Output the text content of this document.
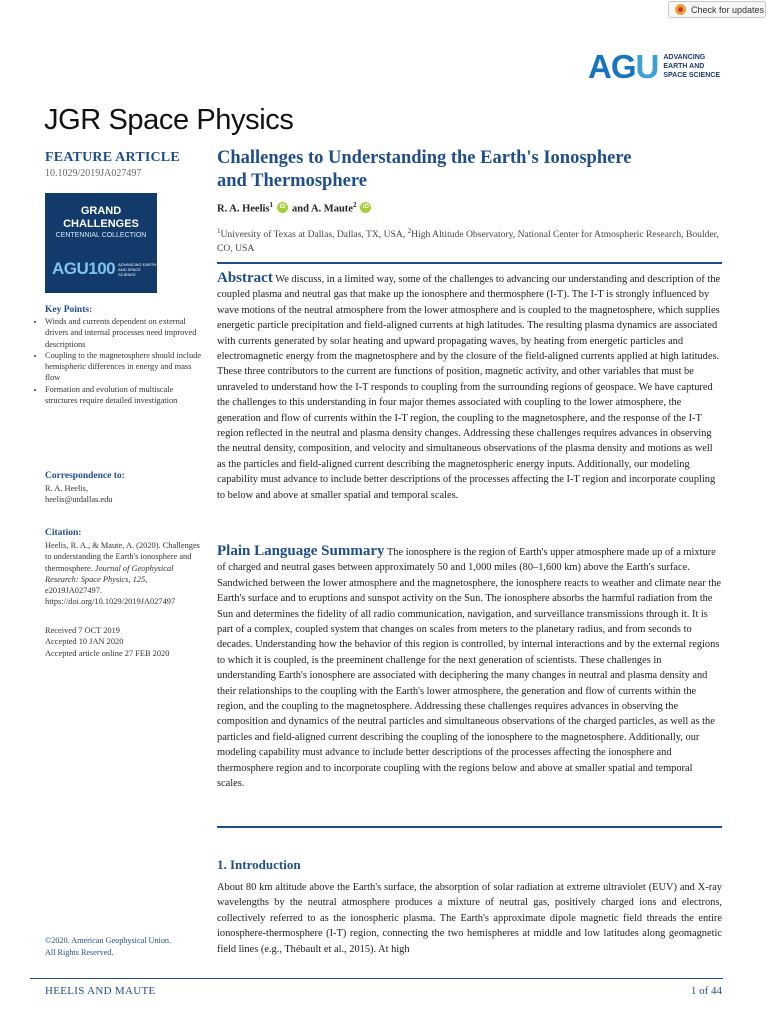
Check for updates
AGU ADVANCING
EARTH AND
SPACE SCIENCE
JGR Space Physics
FEATURE ARTICLE
10.1029/2019JA027497
GRAND
CHALLENGES
CENTENNIAL COLLECTION
AGU100 ADVANCING EARTH AND SPACE SCIENCE
Key Points:
• Winds and currents dependent on external drivers and internal processes need improved descriptions
• Coupling to the magnetosphere should include hemispheric differences in energy and mass flow
• Formation and evolution of multiscale structures require detailed investigation
Correspondence to:
R. A. Heelis,
heelis@utdallas.edu
Citation:
Heelis, R. A., & Maute, A. (2020). Challenges to understanding the Earth's ionosphere and thermosphere. Journal of Geophysical Research: Space Physics, 125, e2019JA027497. https://doi.org/10.1029/2019JA027497
Received 7 OCT 2019
Accepted 10 JAN 2020
Accepted article online 27 FEB 2020
©2020. American Geophysical Union.
All Rights Reserved.
Challenges to Understanding the Earth's Ionosphere
and Thermosphere
R. A. Heelis$^1$	iD and A. Maute$^2$	iD
$^1$University of Texas at Dallas, Dallas, TX, USA, $^2$High Altitude Observatory, National Center for Atmospheric Research, Boulder, CO, USA
Abstract We discuss, in a limited way, some of the challenges to advancing our understanding and description of the coupled plasma and neutral gas that make up the ionosphere and thermosphere (I-T). The I-T is strongly influenced by wave motions of the neutral atmosphere from the lower atmosphere and is coupled to the magnetosphere, which supplies energetic particle precipitation and field-aligned currents at high latitudes. The resulting plasma dynamics are associated with currents generated by solar heating and upward propagating waves, by heating from energetic particles and electromagnetic energy from the magnetosphere and by the closure of the field-aligned currents applied at high latitudes. These three contributors to the current are functions of position, magnetic activity, and other variables that must be unraveled to understand how the I-T responds to coupling from the surrounding regions of geospace. We have captured the challenges to this understanding in four major themes associated with coupling to the lower atmosphere, the generation and flow of currents within the I-T region, the coupling to the magnetosphere, and the response of the I-T region reflected in the neutral and plasma density changes. Addressing these challenges requires advances in observing the neutral density, composition, and velocity and simultaneous observations of the plasma density and motions as well as the particles and field-aligned current describing the magnetospheric energy inputs. Additionally, our modeling capability must advance to include better descriptions of the processes affecting the I-T region and incorporate coupling to below and above at smaller spatial and temporal scales.
Plain Language Summary The ionosphere is the region of Earth's upper atmosphere made up of a mixture of charged and neutral gases between approximately 50 and 1,000 miles (80–1,600 km) above the Earth's surface. Sandwiched between the lower atmosphere and the magnetosphere, the ionosphere reacts to weather and climate near the Earth's surface and to eruptions and sunspot activity on the Sun. The ionosphere absorbs the harmful radiation from the Sun and determines the fidelity of all radio communication, navigation, and surveillance transmissions through it. It is part of a complex, coupled system that changes on scales from meters to the planetary radius, and from seconds to decades. Understanding how the behavior of this region is controlled, by internal interactions and by the external regions to which it is coupled, is the preeminent challenge for the next generation of scientists. These challenges in understanding Earth's ionosphere are associated with deciphering the many changes in neutral and plasma density and their relationships to the coupling with the Earth's lower atmosphere, the generation and flow of currents within the region, and the coupling to the magnetosphere. Addressing these challenges requires advances in observing the composition and dynamics of the neutral particles and simultaneous observations of the charged particles, as well as the particles and field-aligned current describing the coupling of the ionosphere to the magnetosphere. Additionally, our modeling capability must advance to include better descriptions of the processes affecting the ionosphere and thermosphere region and to incorporate coupling with the regions below and above at smaller spatial and temporal scales.
1. Introduction
About 80 km altitude above the Earth's surface, the absorption of solar radiation at extreme ultraviolet (EUV) and X-ray wavelengths by the neutral atmosphere produces a mixture of neutral gas, positively charged ions and electrons, collectively referred to as the ionospheric plasma. The Earth's approximate dipole magnetic field threads the entire ionosphere-thermosphere (I-T) region, connecting the two hemispheres at middle and low latitudes along geomagnetic field lines (e.g., Thébault et al., 2015). At high
HEELIS AND MAUTE	1 of 44
